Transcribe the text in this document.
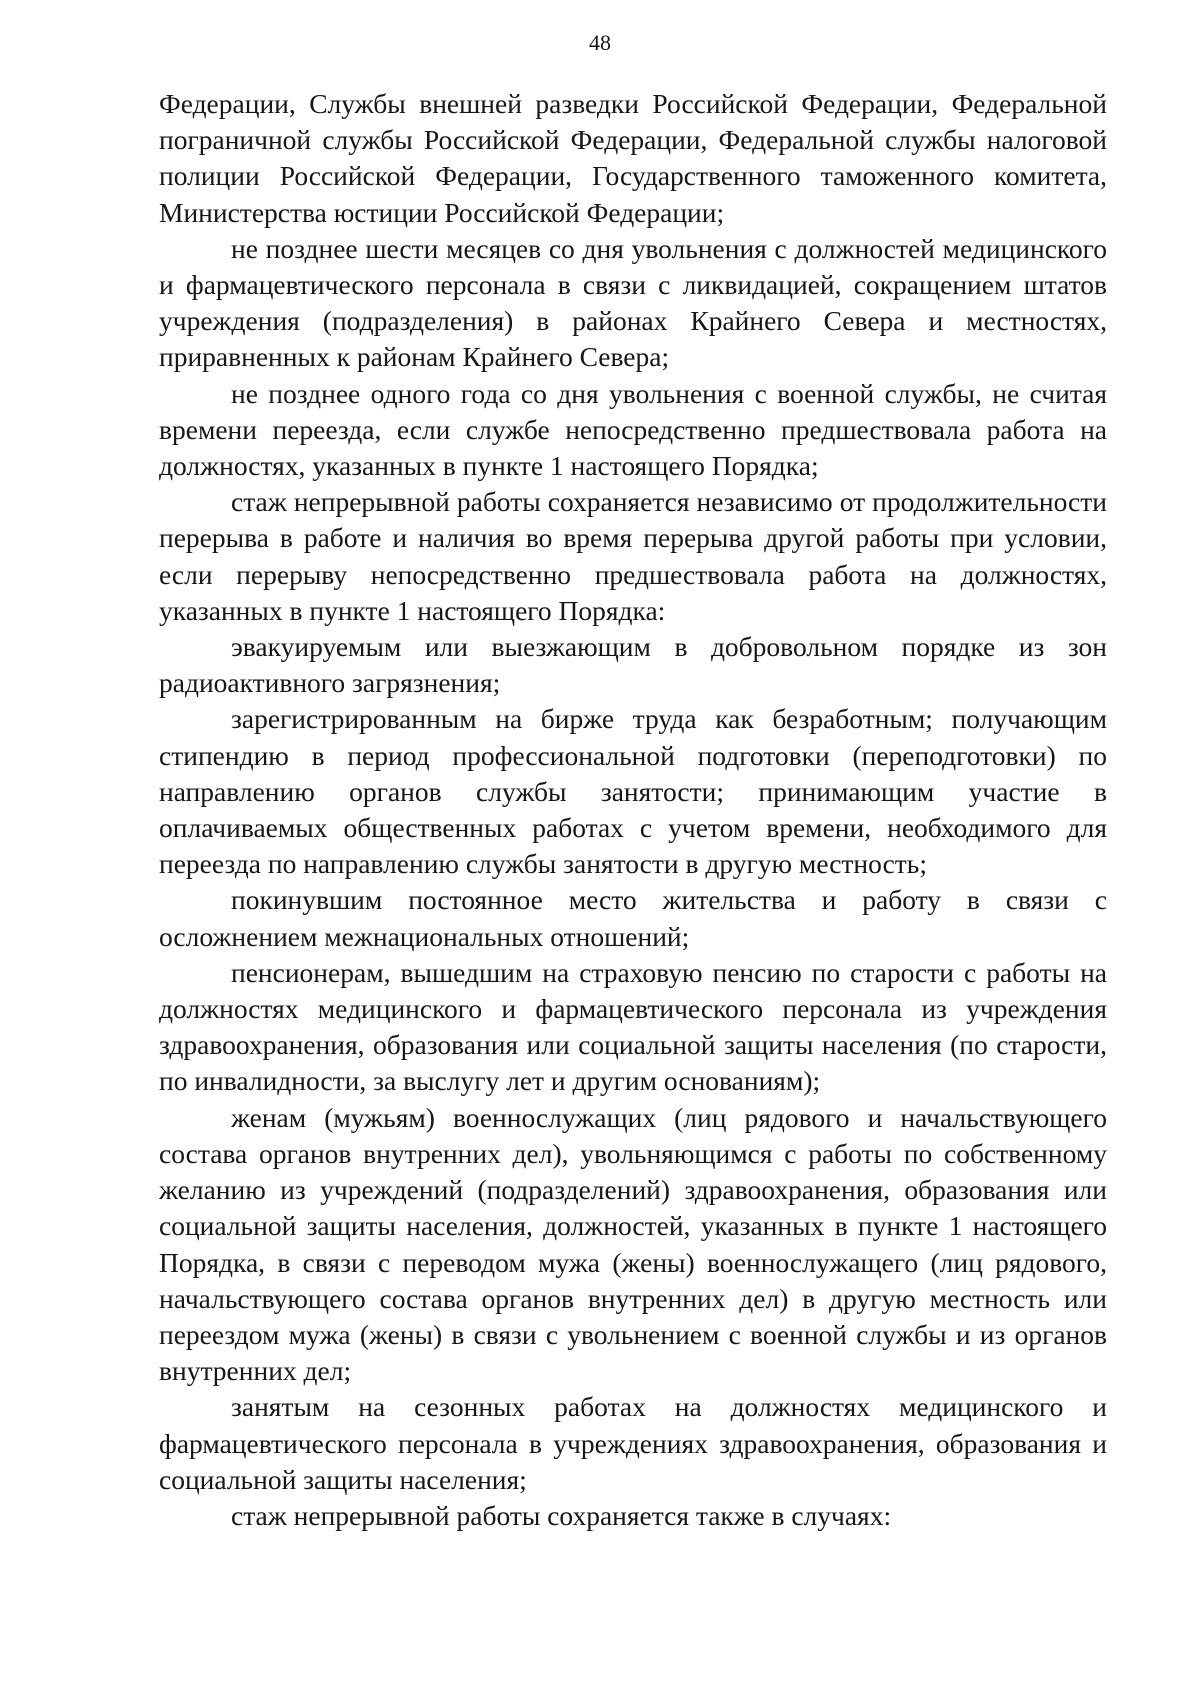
48

Федерации, Службы внешней разведки Российской Федерации, Федеральной пограничной службы Российской Федерации, Федеральной службы налоговой полиции Российской Федерации, Государственного таможенного комитета, Министерства юстиции Российской Федерации;

не позднее шести месяцев со дня увольнения с должностей медицинского и фармацевтического персонала в связи с ликвидацией, сокращением штатов учреждения (подразделения) в районах Крайнего Севера и местностях, приравненных к районам Крайнего Севера;

не позднее одного года со дня увольнения с военной службы, не считая времени переезда, если службе непосредственно предшествовала работа на должностях, указанных в пункте 1 настоящего Порядка;

стаж непрерывной работы сохраняется независимо от продолжительности перерыва в работе и наличия во время перерыва другой работы при условии, если перерыву непосредственно предшествовала работа на должностях, указанных в пункте 1 настоящего Порядка:

эвакуируемым или выезжающим в добровольном порядке из зон радиоактивного загрязнения;

зарегистрированным на бирже труда как безработным; получающим стипендию в период профессиональной подготовки (переподготовки) по направлению органов службы занятости; принимающим участие в оплачиваемых общественных работах с учетом времени, необходимого для переезда по направлению службы занятости в другую местность;

покинувшим постоянное место жительства и работу в связи с осложнением межнациональных отношений;

пенсионерам, вышедшим на страховую пенсию по старости с работы на должностях медицинского и фармацевтического персонала из учреждения здравоохранения, образования или социальной защиты населения (по старости, по инвалидности, за выслугу лет и другим основаниям);

женам (мужьям) военнослужащих (лиц рядового и начальствующего состава органов внутренних дел), увольняющимся с работы по собственному желанию из учреждений (подразделений) здравоохранения, образования или социальной защиты населения, должностей, указанных в пункте 1 настоящего Порядка, в связи с переводом мужа (жены) военнослужащего (лиц рядового, начальствующего состава органов внутренних дел) в другую местность или переездом мужа (жены) в связи с увольнением с военной службы и из органов внутренних дел;

занятым на сезонных работах на должностях медицинского и фармацевтического персонала в учреждениях здравоохранения, образования и социальной защиты населения;

стаж непрерывной работы сохраняется также в случаях:
